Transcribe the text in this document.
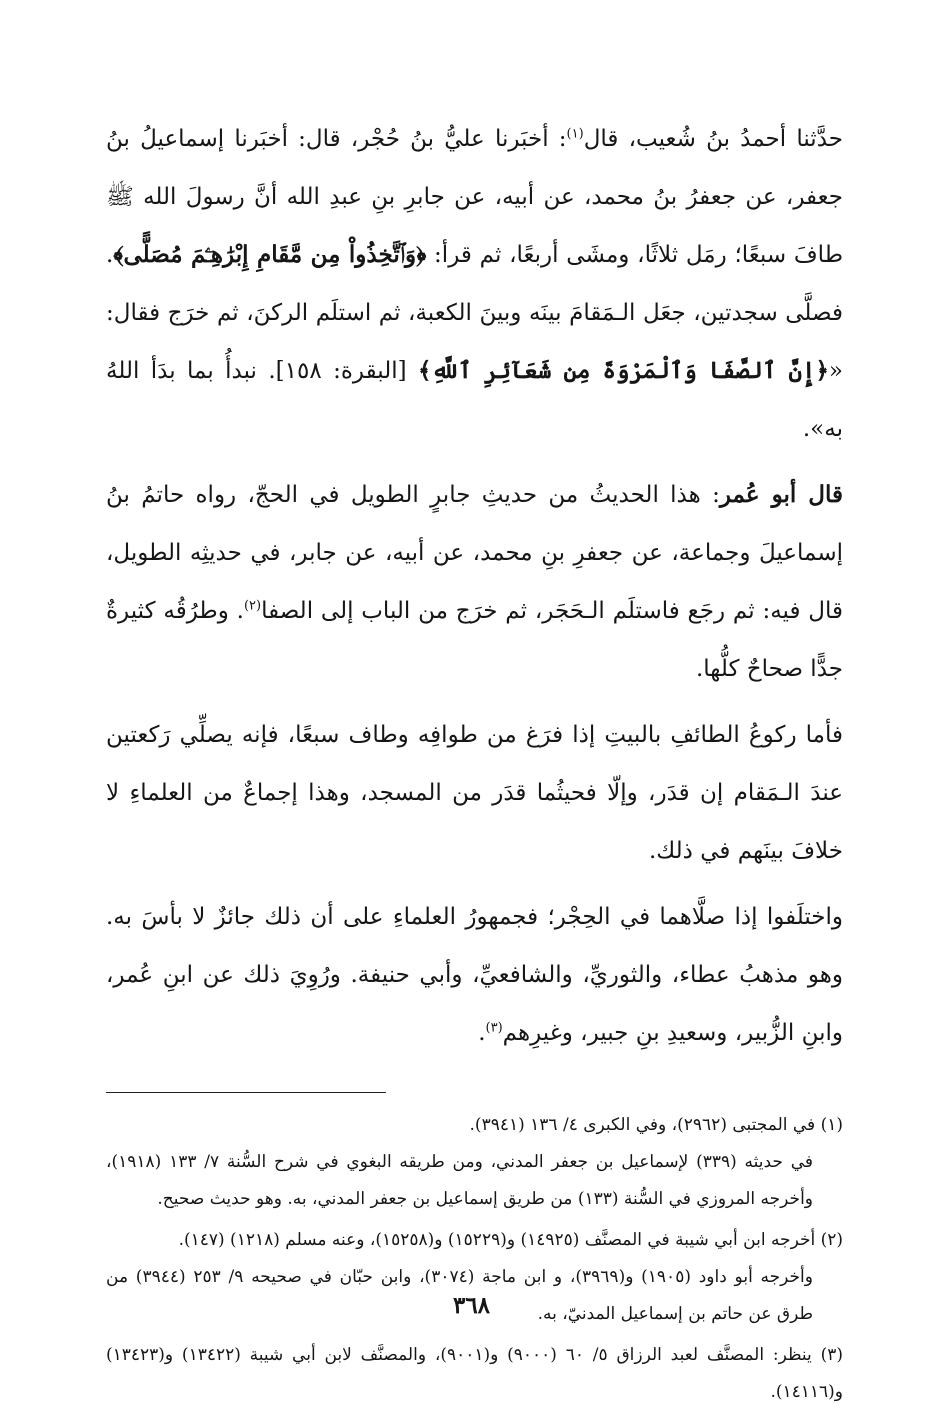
حدَّثنا أحمدُ بنُ شُعيب، قال$^{(١)}$: أخبَرنا عليُّ بنُ حُجْر، قال: أخبَرنا إسماعيلُ بنُ جعفر، عن جعفرُ بنُ محمد، عن أبيه، عن جابرِ بنِ عبدِ الله أنَّ رسولَ الله ﷺ طافَ سبعًا؛ رمَل ثلاثًا، ومشَى أربعًا، ثم قرأ: ﴿وَٱتَّخِذُواْ مِن مَّقَامِ إِبْرَٰهِـۧمَ مُصَلًّى﴾. فصلَّى سجدتين، جعَل الـمَقامَ بينَه وبينَ الكعبة، ثم استلَم الركنَ، ثم خرَج فقال: «﴿إِنَّ ٱلصَّفَا وَٱلْمَرْوَةَ مِن شَعَآئِرِ ٱللَّهِ﴾ [البقرة: ١٥٨]. نبدأُ بما بدَأ اللهُ به».

قال أبو عُمر: هذا الحديثُ من حديثِ جابرٍ الطويل في الحجّ، رواه حاتمُ بنُ إسماعيلَ وجماعة، عن جعفرِ بنِ محمد، عن أبيه، عن جابر، في حديثِه الطويل، قال فيه: ثم رجَع فاستلَم الـحَجَر، ثم خرَج من الباب إلى الصفا$^{(٢)}$. وطرُقُه كثيرةٌ جدًّا صحاحٌ كلُّها.

فأما ركوعُ الطائفِ بالبيتِ إذا فرَغ من طوافِه وطاف سبعًا، فإنه يصلِّي رَكعتين عندَ الـمَقام إن قدَر، وإلّا فحيثُما قدَر من المسجد، وهذا إجماعٌ من العلماءِ لا خلافَ بينَهم في ذلك.

واختلَفوا إذا صلَّاهما في الحِجْر؛ فجمهورُ العلماءِ على أن ذلك جائزٌ لا بأسَ به. وهو مذهبُ عطاء، والثوريِّ، والشافعيِّ، وأبي حنيفة. ورُوِيَ ذلك عن ابنِ عُمر، وابنِ الزُّبير، وسعيدِ بنِ جبير، وغيرِهم$^{(٣)}$.

(١) في المجتبى (٢٩٦٢)، وفي الكبرى ٤/ ١٣٦ (٣٩٤١).
في حديثه (٣٣٩) لإسماعيل بن جعفر المدني، ومن طريقه البغوي في شرح السُّنة ٧/ ١٣٣ (١٩١٨)، وأخرجه المروزي في السُّنة (١٣٣) من طريق إسماعيل بن جعفر المدني، به. وهو حديث صحيح.
(٢) أخرجه ابن أبي شيبة في المصنَّف (١٤٩٢٥) و(١٥٢٢٩) و(١٥٢٥٨)، وعنه مسلم (١٢١٨) (١٤٧).
وأخرجه أبو داود (١٩٠٥) و(٣٩٦٩)، و ابن ماجة (٣٠٧٤)، وابن حبّان في صحيحه ٩/ ٢٥٣ (٣٩٤٤) من طرق عن حاتم بن إسماعيل المدنيّ، به.
(٣) ينظر: المصنَّف لعبد الرزاق ٥/ ٦٠ (٩٠٠٠) و(٩٠٠١)، والمصنَّف لابن أبي شيبة (١٣٤٢٢) و(١٣٤٢٣) و(١٤١١٦).
٣٦٨
